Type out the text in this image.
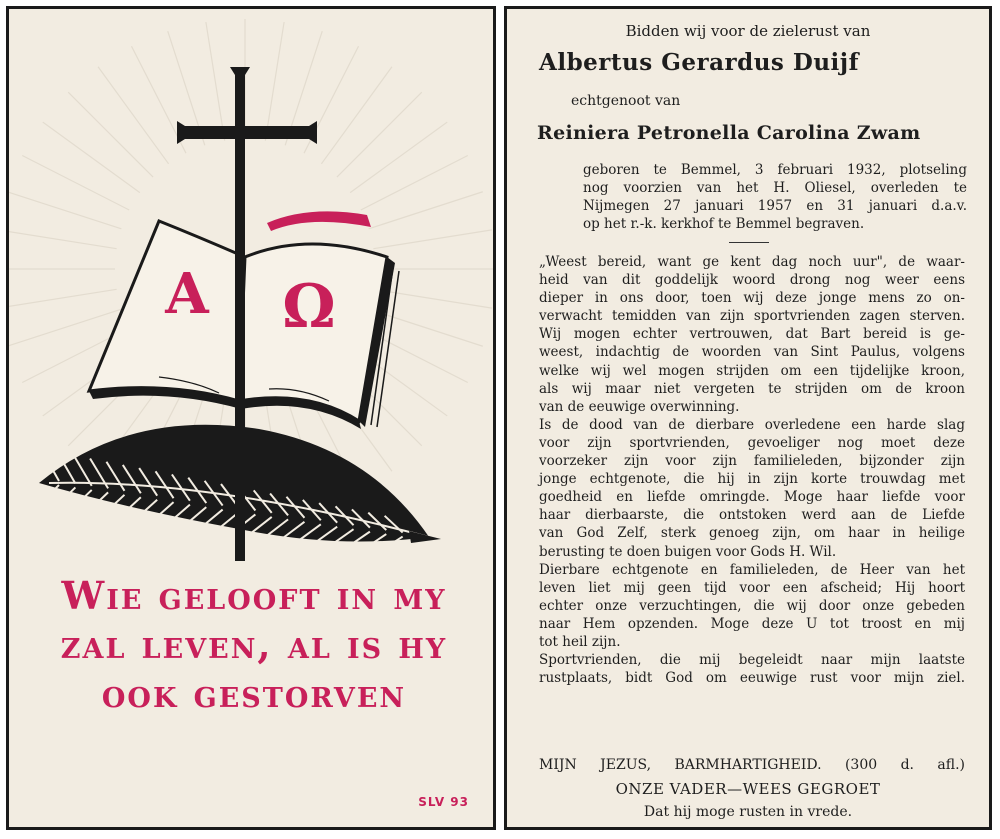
A Ω
Wie gelooft in my
zal leven, al is hy
ook gestorven
SLV 93
Bidden wij voor de zielerust van
Albertus Gerardus Duijf
echtgenoot van
Reiniera Petronella Carolina Zwam
geboren te Bemmel, 3 februari 1932, plotseling
nog voorzien van het H. Oliesel, overleden te
Nijmegen 27 januari 1957 en 31 januari d.a.v.
op het r.-k. kerkhof te Bemmel begraven.
„Weest bereid, want ge kent dag noch uur", de waar-
heid van dit goddelijk woord drong nog weer eens
dieper in ons door, toen wij deze jonge mens zo on-
verwacht temidden van zijn sportvrienden zagen sterven.
Wij mogen echter vertrouwen, dat Bart bereid is ge-
weest, indachtig de woorden van Sint Paulus, volgens
welke wij wel mogen strijden om een tijdelijke kroon,
als wij maar niet vergeten te strijden om de kroon
van de eeuwige overwinning.
Is de dood van de dierbare overledene een harde slag
voor zijn sportvrienden, gevoeliger nog moet deze
voorzeker zijn voor zijn familieleden, bijzonder zijn
jonge echtgenote, die hij in zijn korte trouwdag met
goedheid en liefde omringde. Moge haar liefde voor
haar dierbaarste, die ontstoken werd aan de Liefde
van God Zelf, sterk genoeg zijn, om haar in heilige
berusting te doen buigen voor Gods H. Wil.
Dierbare echtgenote en familieleden, de Heer van het
leven liet mij geen tijd voor een afscheid; Hij hoort
echter onze verzuchtingen, die wij door onze gebeden
naar Hem opzenden. Moge deze U tot troost en mij
tot heil zijn.
Sportvrienden, die mij begeleidt naar mijn laatste
rustplaats, bidt God om eeuwige rust voor mijn ziel.
MIJN JEZUS, BARMHARTIGHEID. (300 d. afl.)
ONZE VADER—WEES GEGROET
Dat hij moge rusten in vrede.
